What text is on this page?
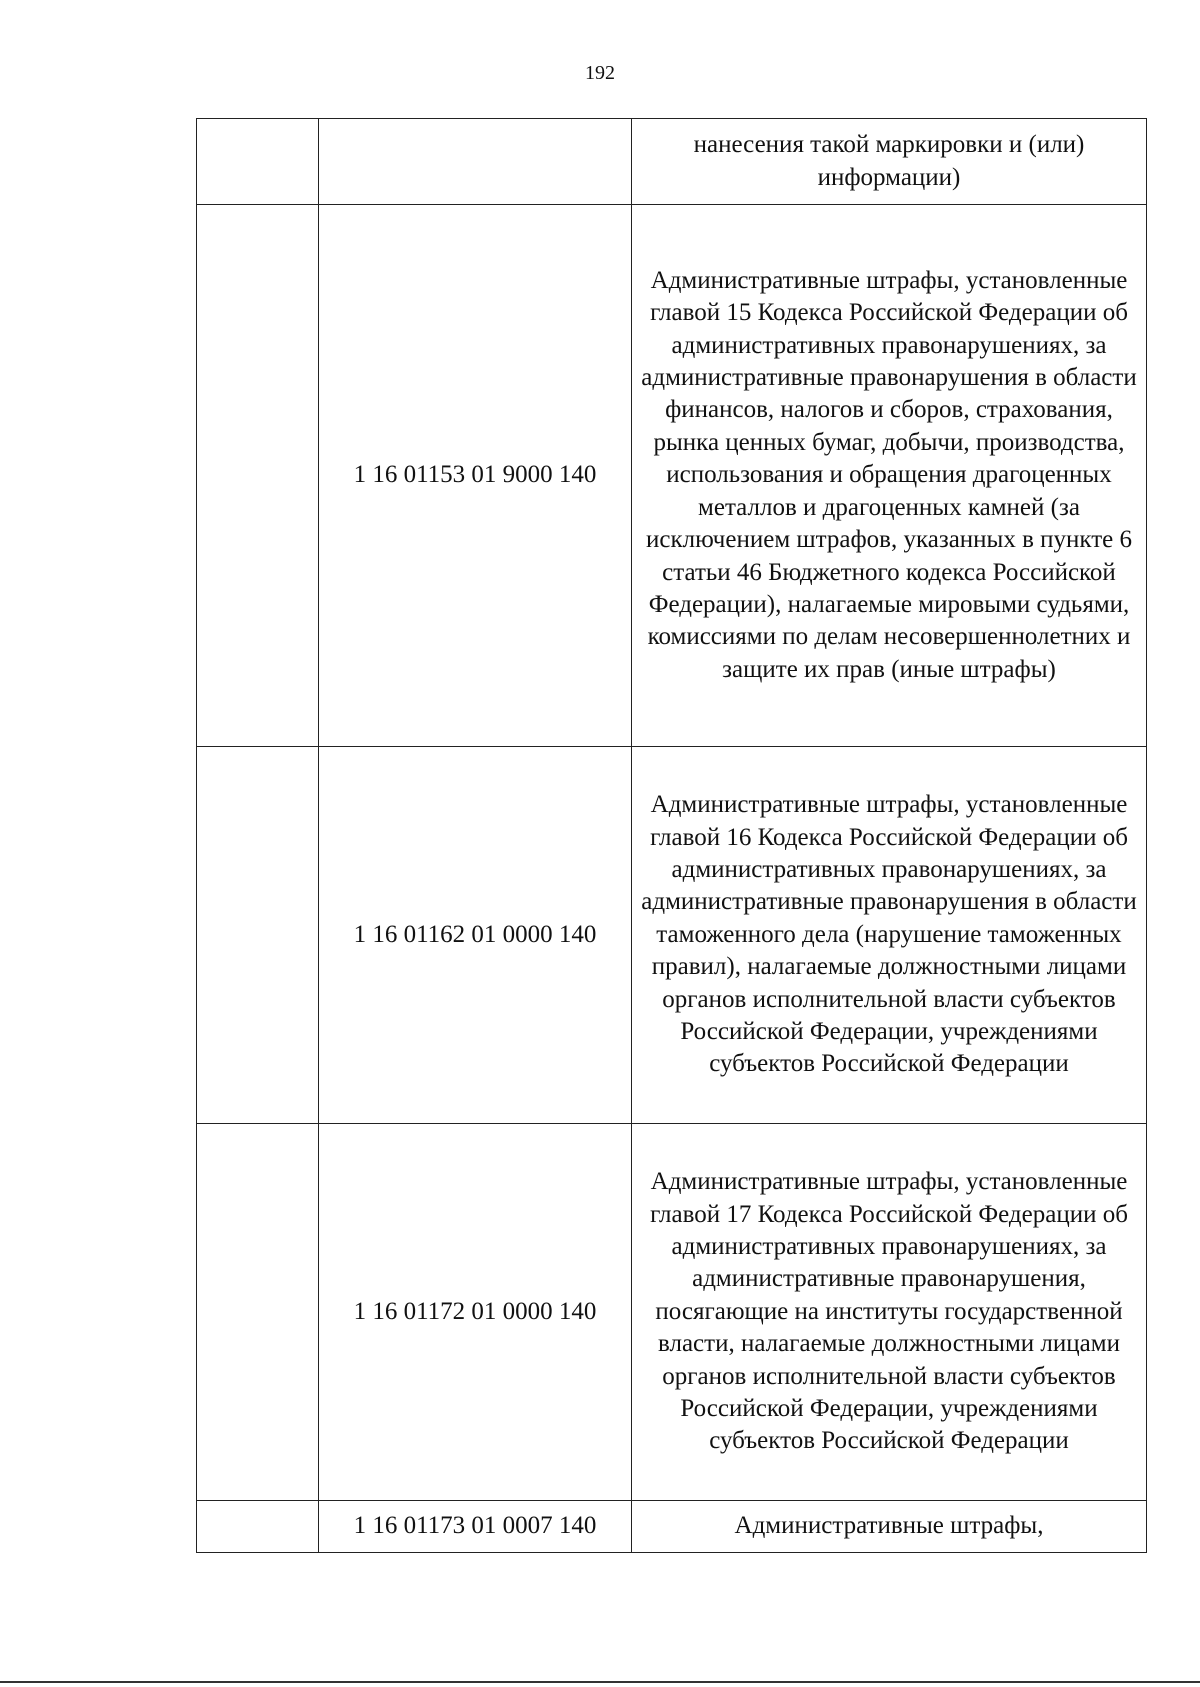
192
		нанесения такой маркировки и (или) информации)
	1 16 01153 01 9000 140	Административные штрафы, установленные главой 15 Кодекса Российской Федерации об административных правонарушениях, за административные правонарушения в области финансов, налогов и сборов, страхования, рынка ценных бумаг, добычи, производства, использования и обращения драгоценных металлов и драгоценных камней (за исключением штрафов, указанных в пункте 6 статьи 46 Бюджетного кодекса Российской Федерации), налагаемые мировыми судьями, комиссиями по делам несовершеннолетних и защите их прав (иные штрафы)
	1 16 01162 01 0000 140	Административные штрафы, установленные главой 16 Кодекса Российской Федерации об административных правонарушениях, за административные правонарушения в области таможенного дела (нарушение таможенных правил), налагаемые должностными лицами органов исполнительной власти субъектов Российской Федерации, учреждениями субъектов Российской Федерации
	1 16 01172 01 0000 140	Административные штрафы, установленные главой 17 Кодекса Российской Федерации об административных правонарушениях, за административные правонарушения, посягающие на институты государственной власти, налагаемые должностными лицами органов исполнительной власти субъектов Российской Федерации, учреждениями субъектов Российской Федерации
	1 16 01173 01 0007 140	Административные штрафы,
